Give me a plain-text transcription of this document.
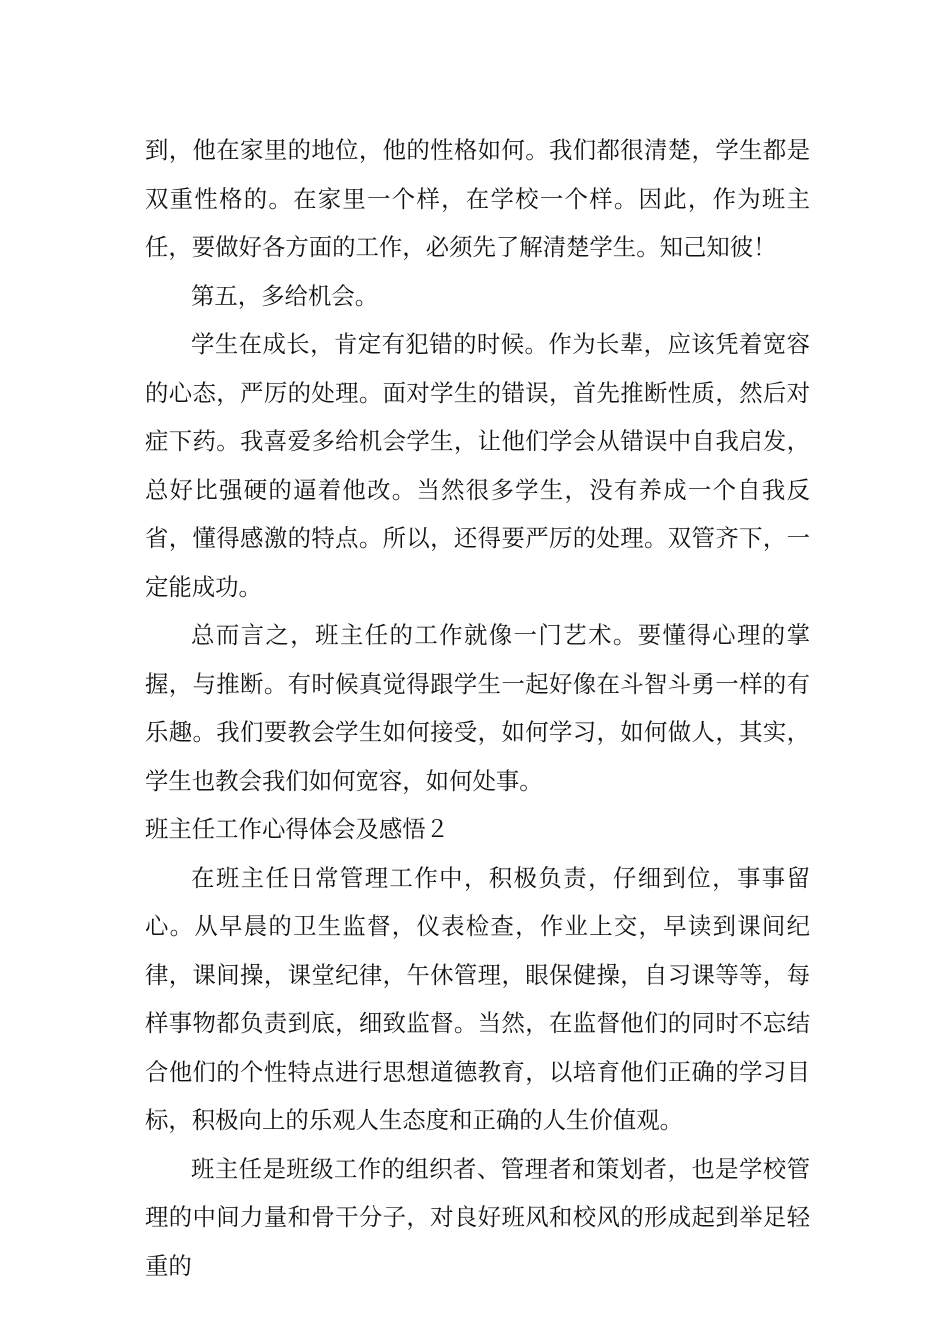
到，他在家里的地位，他的性格如何。我们都很清楚，学生都是双重性格的。在家里一个样，在学校一个样。因此，作为班主任，要做好各方面的工作，必须先了解清楚学生。知己知彼！

第五，多给机会。

学生在成长，肯定有犯错的时候。作为长辈，应该凭着宽容的心态，严厉的处理。面对学生的错误，首先推断性质，然后对症下药。我喜爱多给机会学生，让他们学会从错误中自我启发，总好比强硬的逼着他改。当然很多学生，没有养成一个自我反省，懂得感激的特点。所以，还得要严厉的处理。双管齐下，一定能成功。

总而言之，班主任的工作就像一门艺术。要懂得心理的掌握，与推断。有时候真觉得跟学生一起好像在斗智斗勇一样的有乐趣。我们要教会学生如何接受，如何学习，如何做人，其实，学生也教会我们如何宽容，如何处事。

班主任工作心得体会及感悟２

在班主任日常管理工作中，积极负责，仔细到位，事事留心。从早晨的卫生监督，仪表检查，作业上交，早读到课间纪律，课间操，课堂纪律，午休管理，眼保健操，自习课等等，每样事物都负责到底，细致监督。当然，在监督他们的同时不忘结合他们的个性特点进行思想道德教育，以培育他们正确的学习目标，积极向上的乐观人生态度和正确的人生价值观。

班主任是班级工作的组织者、管理者和策划者，也是学校管理的中间力量和骨干分子，对良好班风和校风的形成起到举足轻重的
